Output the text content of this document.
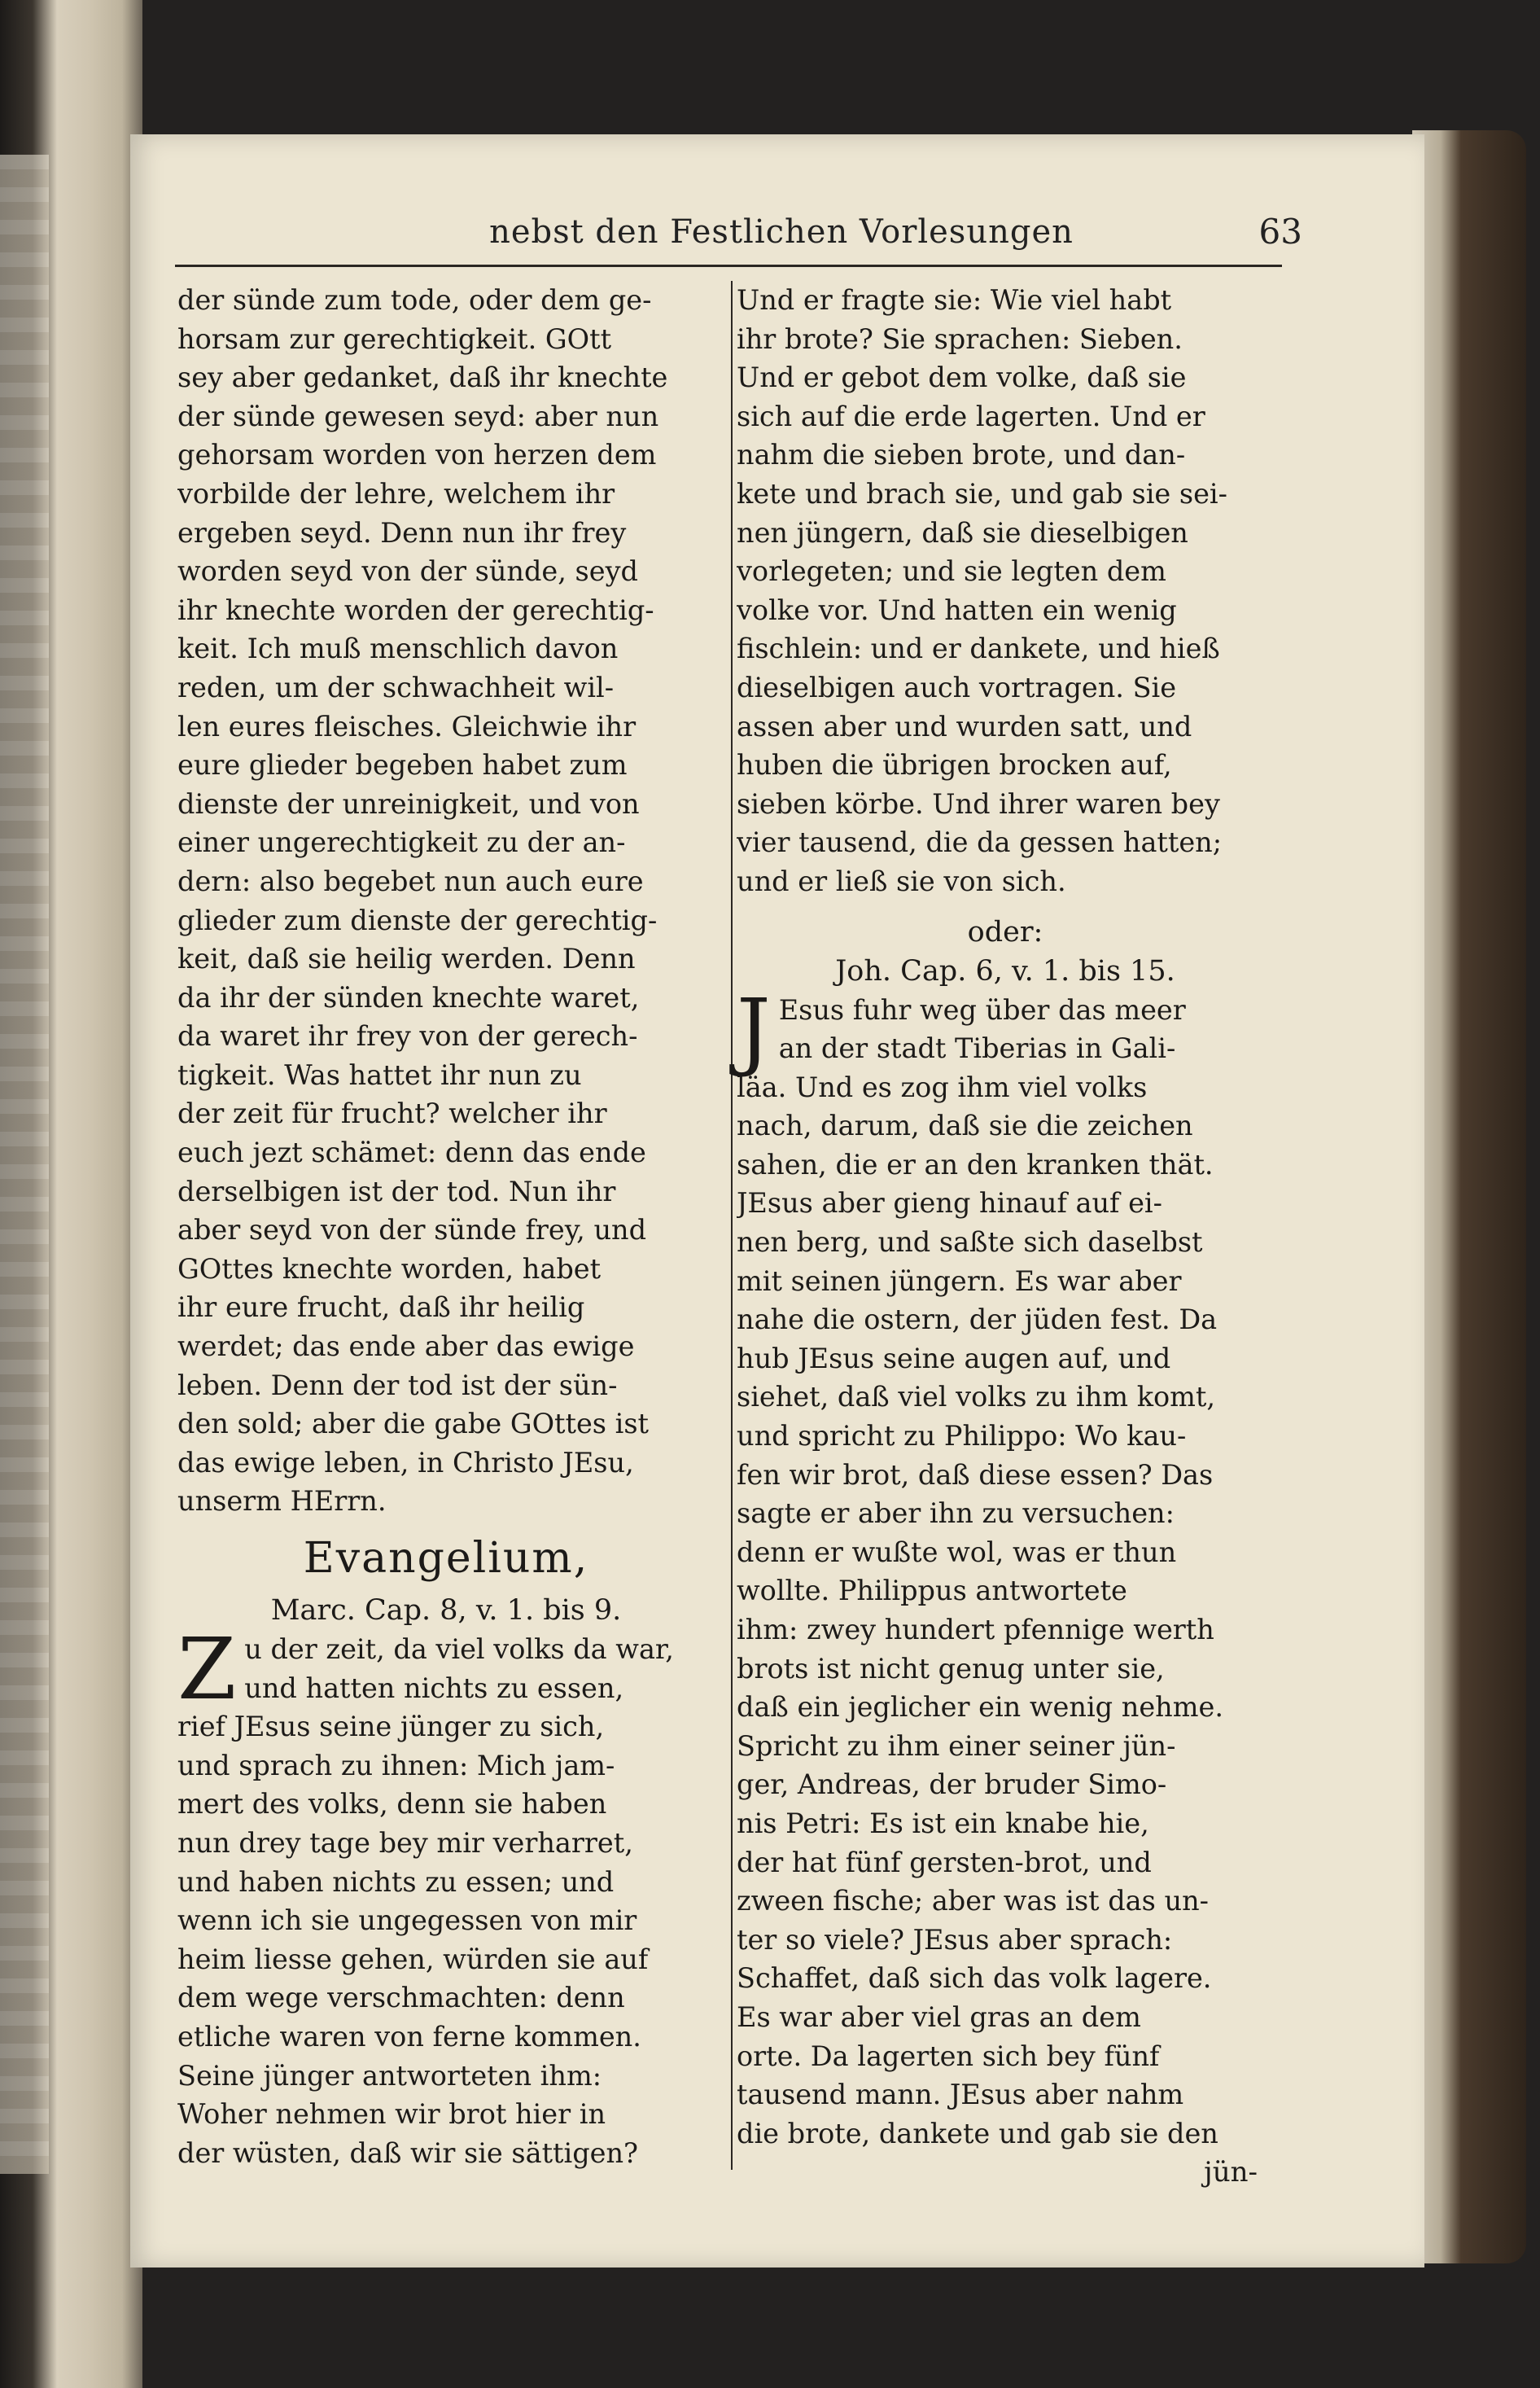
nebst den Festlichen Vorlesungen	63
der sünde zum tode, oder dem ge-
horsam zur gerechtigkeit. GOtt
sey aber gedanket, daß ihr knechte
der sünde gewesen seyd: aber nun
gehorsam worden von herzen dem
vorbilde der lehre, welchem ihr
ergeben seyd. Denn nun ihr frey
worden seyd von der sünde, seyd
ihr knechte worden der gerechtig-
keit. Ich muß menschlich davon
reden, um der schwachheit wil-
len eures fleisches. Gleichwie ihr
eure glieder begeben habet zum
dienste der unreinigkeit, und von
einer ungerechtigkeit zu der an-
dern: also begebet nun auch eure
glieder zum dienste der gerechtig-
keit, daß sie heilig werden. Denn
da ihr der sünden knechte waret,
da waret ihr frey von der gerech-
tigkeit. Was hattet ihr nun zu
der zeit für frucht? welcher ihr
euch jezt schämet: denn das ende
derselbigen ist der tod. Nun ihr
aber seyd von der sünde frey, und
GOttes knechte worden, habet
ihr eure frucht, daß ihr heilig
werdet; das ende aber das ewige
leben. Denn der tod ist der sün-
den sold; aber die gabe GOttes ist
das ewige leben, in Christo JEsu,
unserm HErrn.
Evangelium,
Marc. Cap. 8, v. 1. bis 9.
Z u der zeit, da viel volks da war,
und hatten nichts zu essen,
rief JEsus seine jünger zu sich,
und sprach zu ihnen: Mich jam-
mert des volks, denn sie haben
nun drey tage bey mir verharret,
und haben nichts zu essen; und
wenn ich sie ungegessen von mir
heim liesse gehen, würden sie auf
dem wege verschmachten: denn
etliche waren von ferne kommen.
Seine jünger antworteten ihm:
Woher nehmen wir brot hier in
der wüsten, daß wir sie sättigen?
Und er fragte sie: Wie viel habt
ihr brote? Sie sprachen: Sieben.
Und er gebot dem volke, daß sie
sich auf die erde lagerten. Und er
nahm die sieben brote, und dan-
kete und brach sie, und gab sie sei-
nen jüngern, daß sie dieselbigen
vorlegeten; und sie legten dem
volke vor. Und hatten ein wenig
fischlein: und er dankete, und hieß
dieselbigen auch vortragen. Sie
assen aber und wurden satt, und
huben die übrigen brocken auf,
sieben körbe. Und ihrer waren bey
vier tausend, die da gessen hatten;
und er ließ sie von sich.
oder:
Joh. Cap. 6, v. 1. bis 15.
J Esus fuhr weg über das meer
an der stadt Tiberias in Gali-
läa. Und es zog ihm viel volks
nach, darum, daß sie die zeichen
sahen, die er an den kranken thät.
JEsus aber gieng hinauf auf ei-
nen berg, und saßte sich daselbst
mit seinen jüngern. Es war aber
nahe die ostern, der jüden fest. Da
hub JEsus seine augen auf, und
siehet, daß viel volks zu ihm komt,
und spricht zu Philippo: Wo kau-
fen wir brot, daß diese essen? Das
sagte er aber ihn zu versuchen:
denn er wußte wol, was er thun
wollte. Philippus antwortete
ihm: zwey hundert pfennige werth
brots ist nicht genug unter sie,
daß ein jeglicher ein wenig nehme.
Spricht zu ihm einer seiner jün-
ger, Andreas, der bruder Simo-
nis Petri: Es ist ein knabe hie,
der hat fünf gersten-brot, und
zween fische; aber was ist das un-
ter so viele? JEsus aber sprach:
Schaffet, daß sich das volk lagere.
Es war aber viel gras an dem
orte. Da lagerten sich bey fünf
tausend mann. JEsus aber nahm
die brote, dankete und gab sie den
jün-
